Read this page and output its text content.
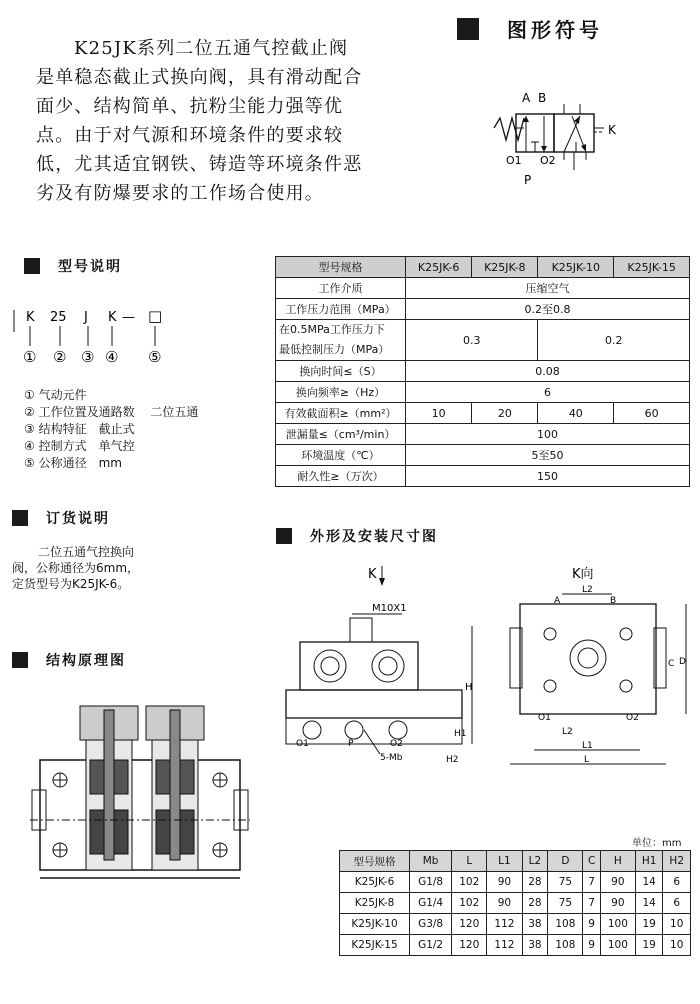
K25JK系列二位五通气控截止阀是单稳态截止式换向阀，具有滑动配合面少、结构简单、抗粉尘能力强等优点。由于对气源和环境条件的要求较低，尤其适宜钢铁、铸造等环境条件恶劣及有防爆要求的工作场合使用。
图形符号
A B
K
O1 O2
P
型号说明
K 25 J K — □
① ② ③ ④ ⑤
① 气动元件
② 工作位置及通路数　 二位五通
③ 结构特征　截止式
④ 控制方式　单气控
⑤ 公称通径　mm
订货说明
二位五通气控换向
阀，公称通径为6mm，
定货型号为K25JK-6。
结构原理图
型号规格	K25JK-6	K25JK-8	K25JK-10	K25JK-15
工作介质	压缩空气			
工作压力范围（MPa）	0.2至0.8			

在0.5MPa工作压力下
最低控制压力（MPa）	0.3		0.2	
换向时间≤（S）	0.08			
换向频率≥（Hz）	6			
有效截面积≥（mm²）	10	20	40	60
泄漏量≤（cm³/min）	100			
环境温度（℃）	5至50			
耐久性≥（万次）	150			
外形及安装尺寸图
K
M10X1
O1	P	O2
H
H1
H2
5-Mb
K向
A	B
L2
O1	O2
L2
L1
L
C D
单位：mm
型号规格	Mb	L	L1	L2	D	C	H	H1	H2
K25JK-6	G1/8	102	90	28	75	7	90	14	6
K25JK-8	G1/4	102	90	28	75	7	90	14	6
K25JK-10	G3/8	120	112	38	108	9	100	19	10
K25JK-15	G1/2	120	112	38	108	9	100	19	10
